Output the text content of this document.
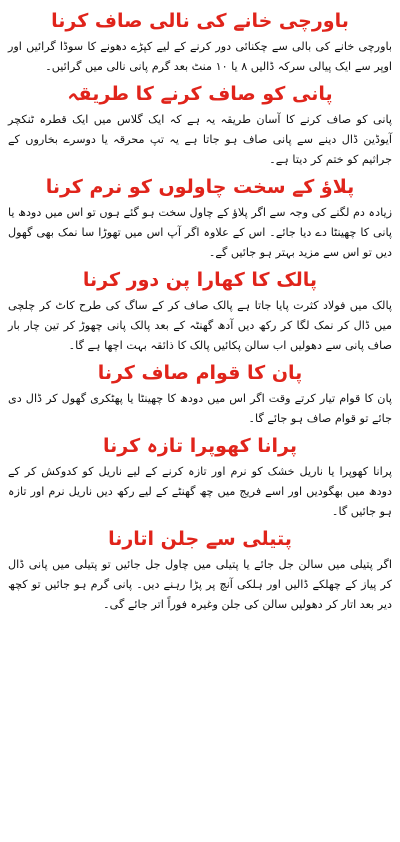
باورچی خانے کی نالی صاف کرنا

باورچی خانے کی بالی سے چکنائی دور کرنے کے لیے کپڑے دھونے کا سوڈا گرائیں اور اوپر سے ایک پیالی سرکہ ڈالیں ۸ یا ۱۰ منٹ بعد گرم پانی نالی میں گرائیں۔

پانی کو صاف کرنے کا طریقہ

پانی کو صاف کرنے کا آسان طریقہ یہ ہے کہ ایک گلاس میں ایک قطرہ ٹنکچر آیوڈین ڈال دینے سے پانی صاف ہو جاتا ہے یہ تپ محرقہ یا دوسرے بخاروں کے جراثیم کو ختم کر دیتا ہے۔

پلاؤ کے سخت چاولوں کو نرم کرنا

زیادہ دم لگنے کی وجہ سے اگر پلاؤ کے چاول سخت ہو گئے ہوں تو اس میں دودھ یا پانی کا چھینٹا دے دیا جائے۔ اس کے علاوہ اگر آپ اس میں تھوڑا سا نمک بھی گھول دیں تو اس سے مزید بہتر ہو جائیں گے۔

پالک کا کھارا پن دور کرنا

پالک میں فولاد کثرت پایا جاتا ہے پالک صاف کر کے ساگ کی طرح کاٹ کر چلچی میں ڈال کر نمک لگا کر رکھ دیں آدھ گھنٹہ کے بعد پالک پانی چھوڑ کر تین چار بار صاف پانی سے دھولیں اب سالن پکائیں پالک کا ذائقہ بہت اچھا ہے گا۔

پان کا قوام صاف کرنا

پان کا قوام تیار کرتے وقت اگر اس میں دودھ کا چھینٹا یا پھٹکری گھول کر ڈال دی جائے تو قوام صاف ہو جائے گا۔

پرانا کھوپرا تازہ کرنا

پرانا کھوپرا یا ناریل خشک کو نرم اور تازہ کرنے کے لیے ناریل کو کدوکش کر کے دودھ میں بھگودیں اور اسے فریج میں چھ گھنٹے کے لیے رکھ دیں ناریل نرم اور تازہ ہو جائیں گا۔

پتیلی سے جلن اتارنا

اگر پتیلی میں سالن جل جائے یا پتیلی میں چاول جل جائیں تو پتیلی میں پانی ڈال کر پیاز کے چھلکے ڈالیں اور ہلکی آنچ پر پڑا رہنے دیں۔ پانی گرم ہو جائیں تو کچھ دیر بعد اتار کر دھولیں سالن کی جلن وغیرہ فوراً اتر جائے گی۔
